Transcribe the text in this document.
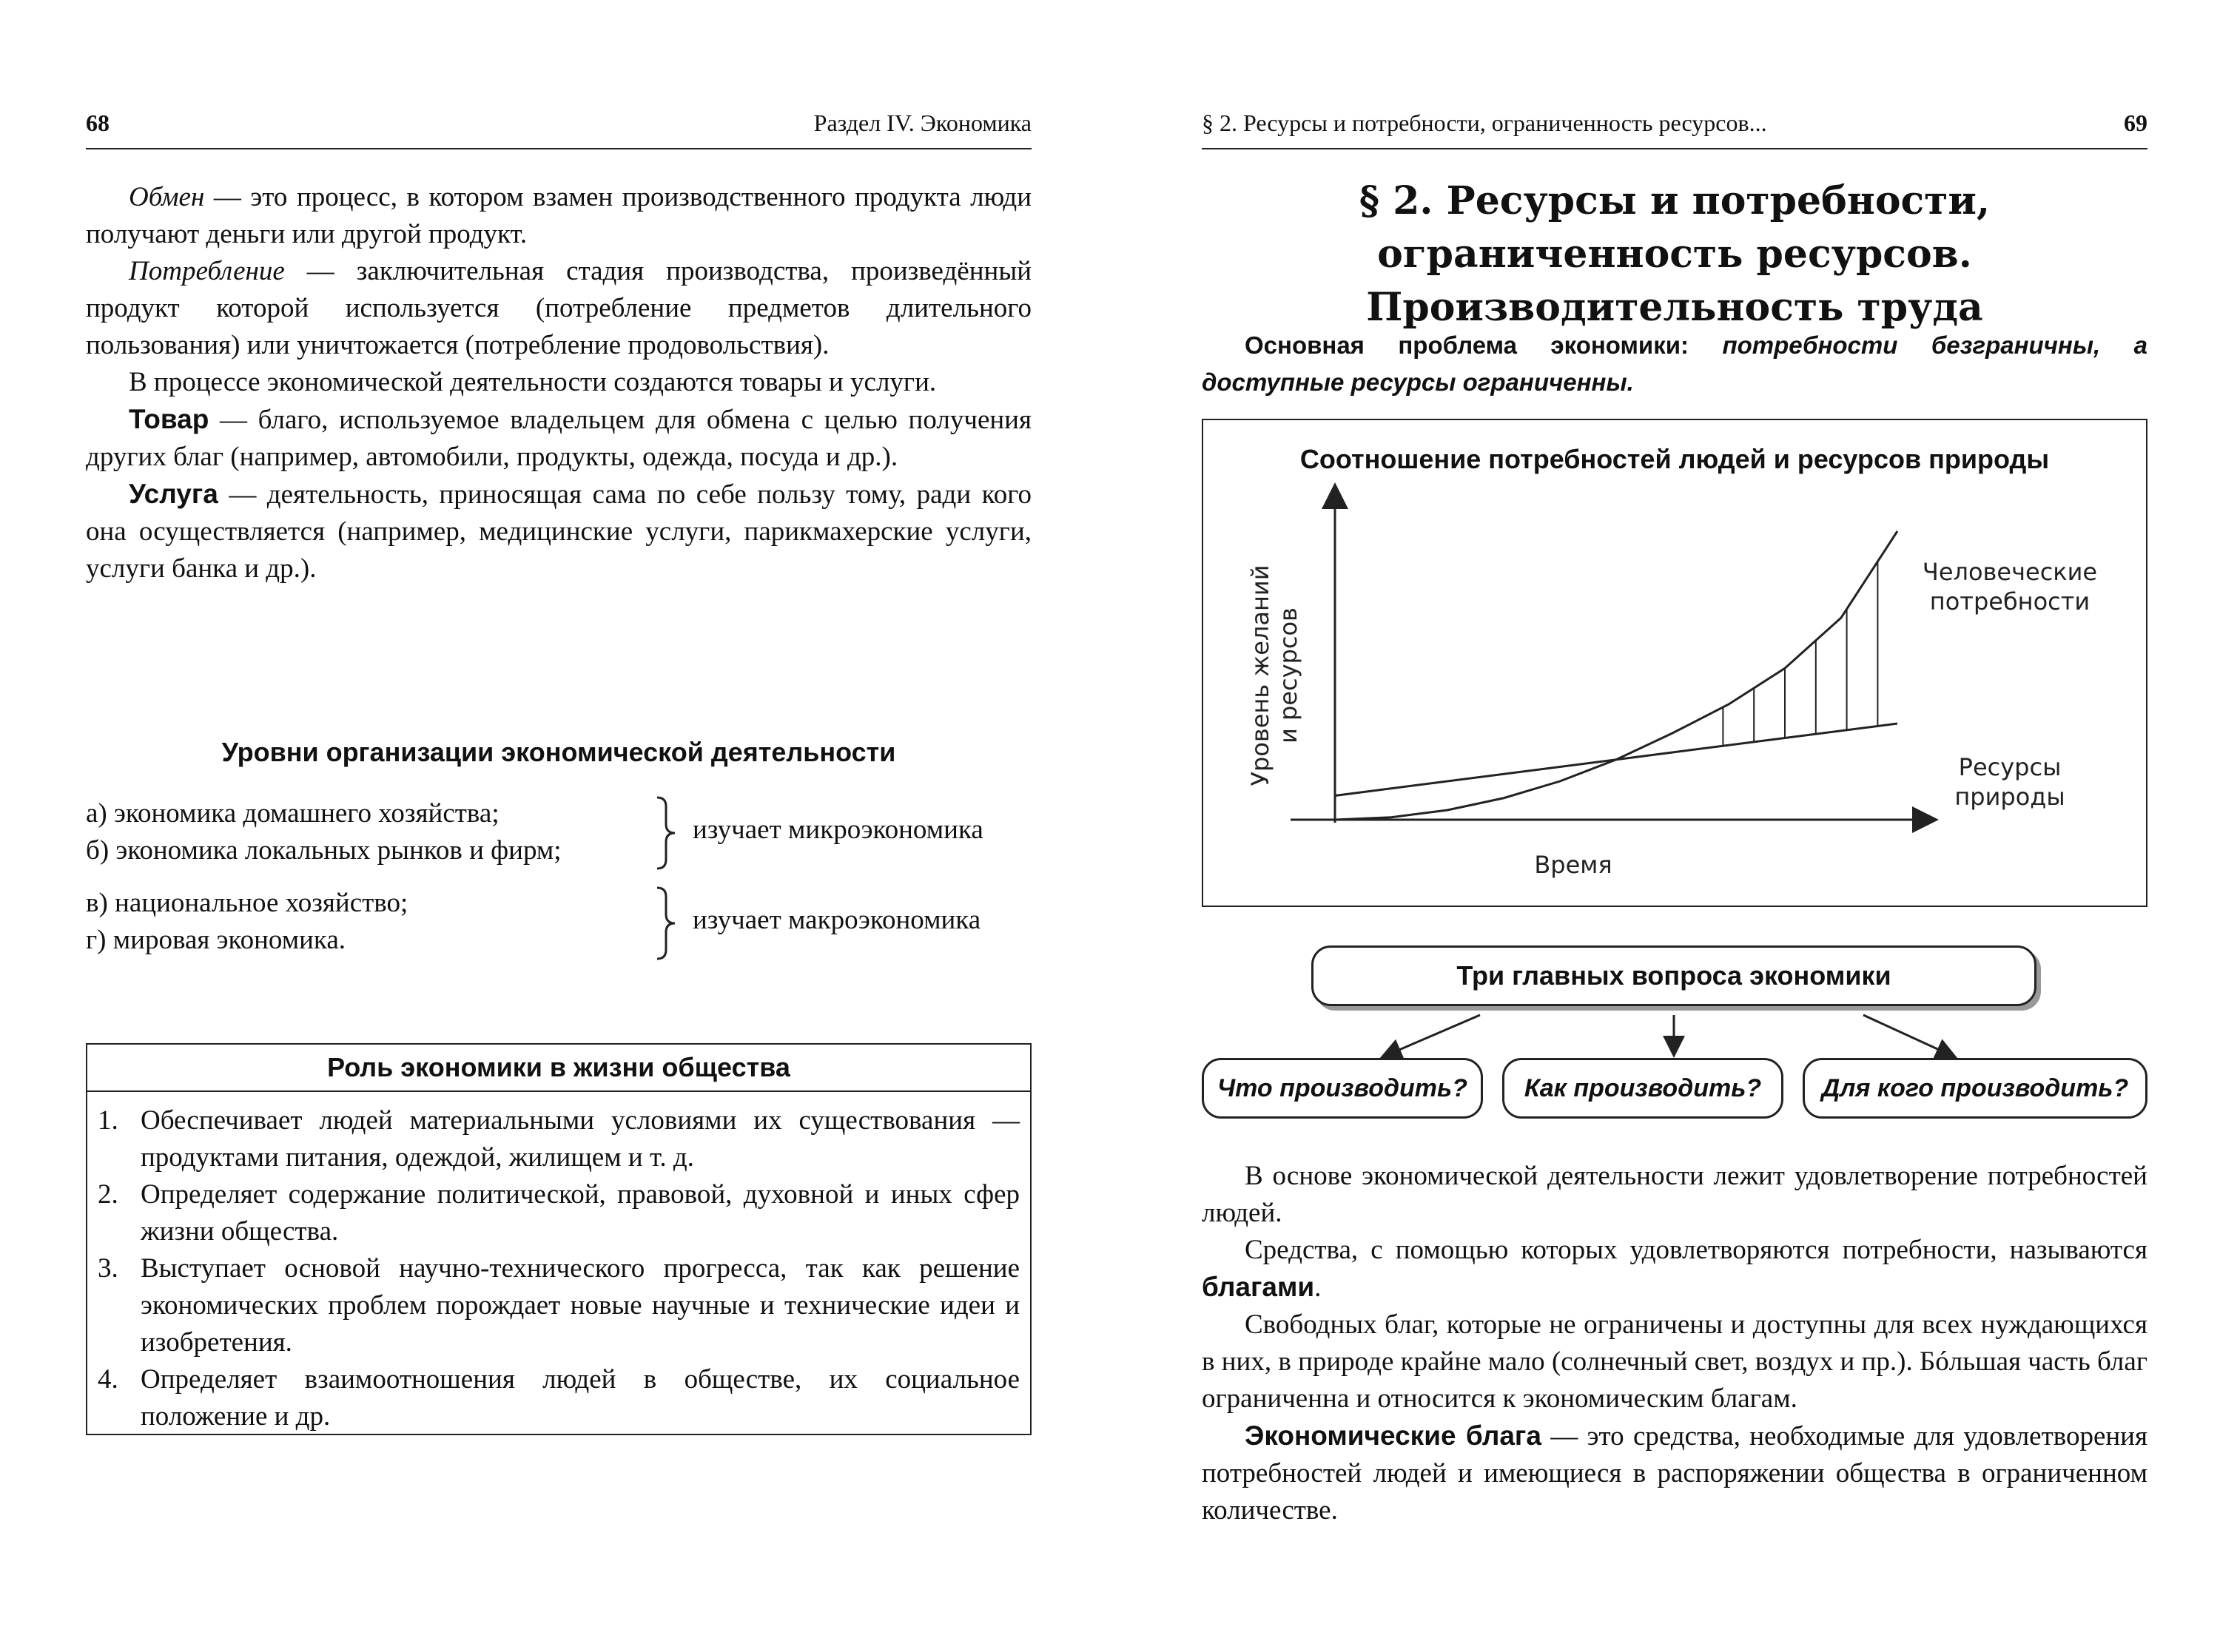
68	Раздел IV. Экономика

Обмен — это процесс, в котором взамен производственного продукта люди получают деньги или другой продукт.

Потребление — заключительная стадия производства, произведённый продукт которой используется (потребление предметов длительного пользования) или уничтожается (потребление продовольствия).

В процессе экономической деятельности создаются товары и услуги.

Товар — благо, используемое владельцем для обмена с целью получения других благ (например, автомобили, продукты, одежда, посуда и др.).

Услуга — деятельность, приносящая сама по себе пользу тому, ради кого она осуществляется (например, медицинские услуги, парикмахерские услуги, услуги банка и др.).

Уровни организации экономической деятельности
а) экономика домашнего хозяйства;
б) экономика локальных рынков и фирм;
изучает микроэкономика
в) национальное хозяйство;
г) мировая экономика.
изучает макроэкономика
Роль экономики в жизни общества
1. Обеспечивает людей материальными условиями их существования — продуктами питания, одеждой, жилищем и т. д.
2. Определяет содержание политической, правовой, духовной и иных сфер жизни общества.
3. Выступает основой научно-технического прогресса, так как решение экономических проблем порождает новые научные и технические идеи и изобретения.
4. Определяет взаимоотношения людей в обществе, их социальное положение и др.
§ 2. Ресурсы и потребности, ограниченность ресурсов...	69
§ 2. Ресурсы и потребности, ограниченность ресурсов. Производительность труда
Основная проблема экономики: потребности безграничны, а доступные ресурсы ограниченны.
Соотношение потребностей людей и ресурсов природы
Человеческие
потребности
Ресурсы
природы
Время
Уровень желаний и ресурсов
Три главных вопроса экономики
Что производить?	Как производить?	Для кого производить?

В основе экономической деятельности лежит удовлетворение потребностей людей.

Средства, с помощью которых удовлетворяются потребности, называются благами.

Свободных благ, которые не ограничены и доступны для всех нуждающихся в них, в природе крайне мало (солнечный свет, воздух и пр.). Бóльшая часть благ ограниченна и относится к экономическим благам.

Экономические блага — это средства, необходимые для удовлетворения потребностей людей и имеющиеся в распоряжении общества в ограниченном количестве.
